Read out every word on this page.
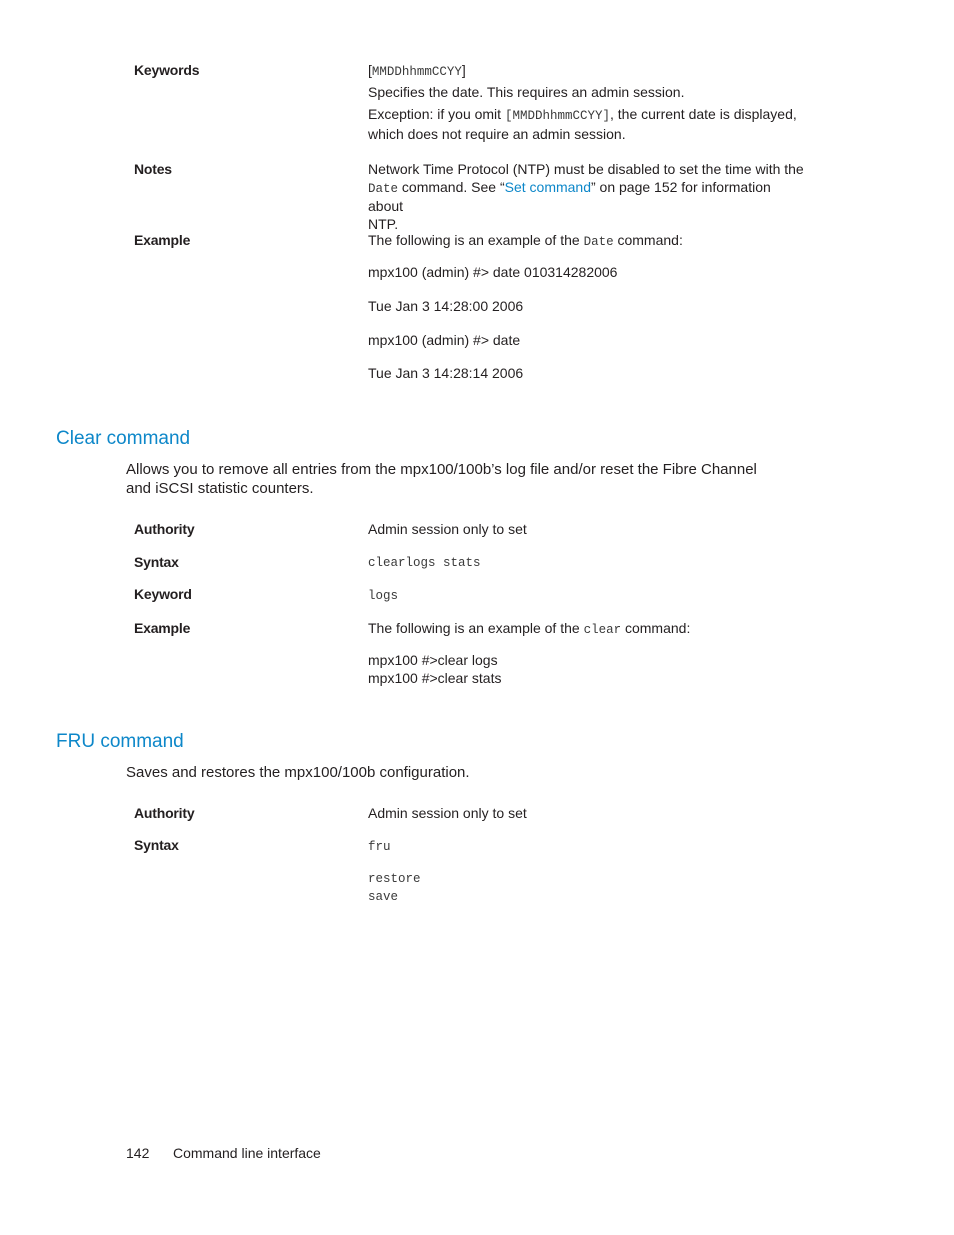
Keywords	[MMDDhhmmCCYY]
Specifies the date. This requires an admin session.
Exception: if you omit [MMDDhhmmCCYY], the current date is displayed,
which does not require an admin session.
Notes	Network Time Protocol (NTP) must be disabled to set the time with the
Date command. See “Set command” on page 152 for information about
NTP.
Example	The following is an example of the Date command:
mpx100 (admin) #> date 010314282006
Tue Jan 3 14:28:00 2006
mpx100 (admin) #> date
Tue Jan 3 14:28:14 2006
Clear command
Allows you to remove all entries from the mpx100/100b’s log file and/or reset the Fibre Channel
and iSCSI statistic counters.
Authority	Admin session only to set
Syntax	clearlogs stats
Keyword	logs
Example	The following is an example of the clear command:
mpx100 #>clear logs
mpx100 #>clear stats
FRU command
Saves and restores the mpx100/100b configuration.
Authority	Admin session only to set
Syntax	fru
restore
save
142 Command line interface
